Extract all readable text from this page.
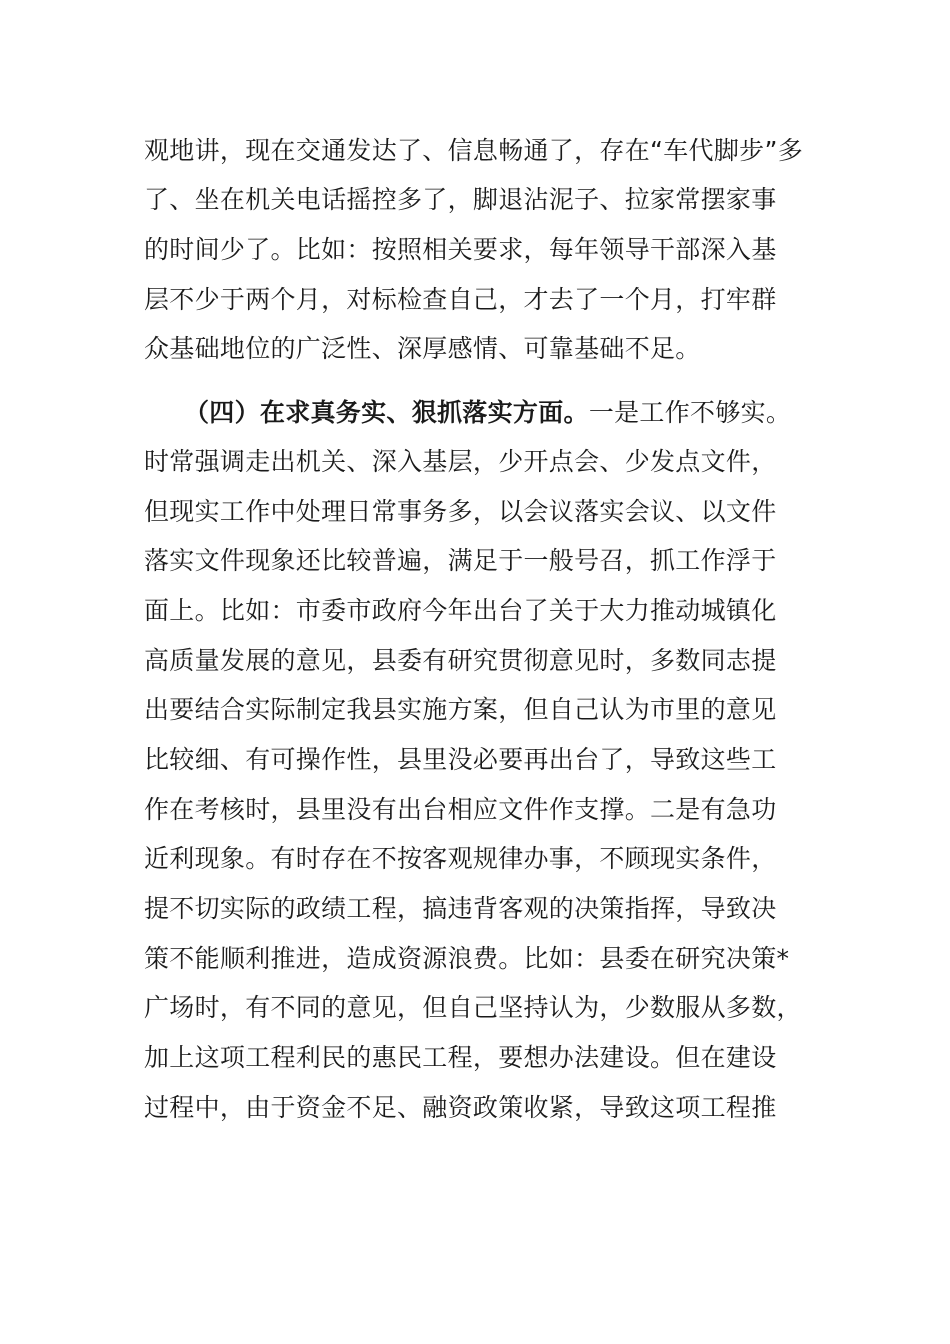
观地讲，现在交通发达了、信息畅通了，存在“车代脚步”多
了、坐在机关电话摇控多了，脚退沾泥子、拉家常摆家事
的时间少了。比如：按照相关要求，每年领导干部深入基
层不少于两个月，对标检查自己，才去了一个月，打牢群
众基础地位的广泛性、深厚感情、可靠基础不足。
（四）在求真务实、狠抓落实方面。一是工作不够实。
时常强调走出机关、深入基层，少开点会、少发点文件，
但现实工作中处理日常事务多，以会议落实会议、以文件
落实文件现象还比较普遍，满足于一般号召，抓工作浮于
面上。比如：市委市政府今年出台了关于大力推动城镇化
高质量发展的意见，县委有研究贯彻意见时，多数同志提
出要结合实际制定我县实施方案，但自己认为市里的意见
比较细、有可操作性，县里没必要再出台了，导致这些工
作在考核时，县里没有出台相应文件作支撑。二是有急功
近利现象。有时存在不按客观规律办事，不顾现实条件，
提不切实际的政绩工程，搞违背客观的决策指挥，导致决
策不能顺利推进，造成资源浪费。比如：县委在研究决策*
广场时，有不同的意见，但自己坚持认为，少数服从多数，
加上这项工程利民的惠民工程，要想办法建设。但在建设
过程中，由于资金不足、融资政策收紧，导致这项工程推
